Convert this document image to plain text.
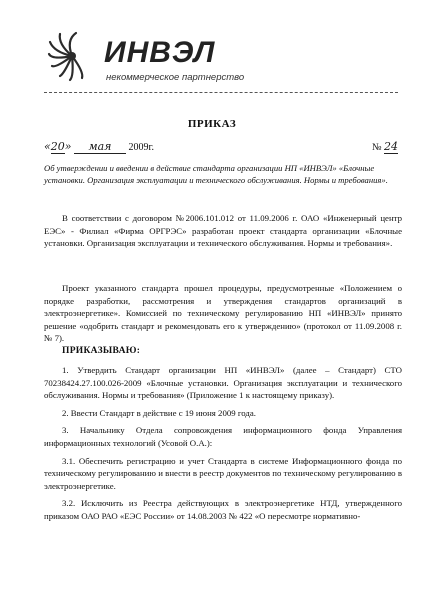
ИНВЭЛ
некоммерческое партнерство
ПРИКАЗ
«20» мая 2009г.	№ 24
Об утверждении и введении в действие стандарта организации НП «ИНВЭЛ» «Блочные установки. Организация эксплуатации и технического обслуживания. Нормы и требования».

В соответствии с договором №2006.101.012 от 11.09.2006 г. ОАО «Инженерный центр ЕЭС» - Филиал «Фирма ОРГРЭС» разработан проект стандарта организации «Блочные установки. Организация эксплуатации и технического обслуживания. Нормы и требования».

Проект указанного стандарта прошел процедуры, предусмотренные «Положением о порядке разработки, рассмотрения и утверждения стандартов организаций в электроэнергетике». Комиссией по техническому регулированию НП «ИНВЭЛ» принято решение «одобрить стандарт и рекомендовать его к утверждению» (протокол от 11.09.2008 г. № 7).

ПРИКАЗЫВАЮ:

1. Утвердить Стандарт организации НП «ИНВЭЛ» (далее – Стандарт) СТО 70238424.27.100.026-2009 «Блочные установки. Организация эксплуатации и технического обслуживания. Нормы и требования» (Приложение 1 к настоящему приказу).

2. Ввести Стандарт в действие с 19 июня 2009 года.

3. Начальнику Отдела сопровождения информационного фонда Управления информационных технологий (Усовой О.А.):

3.1. Обеспечить регистрацию и учет Стандарта в системе Информационного фонда по техническому регулированию и внести в реестр документов по техническому регулированию в электроэнергетике.

3.2. Исключить из Реестра действующих в электроэнергетике НТД, утвержденного приказом ОАО РАО «ЕЭС России» от 14.08.2003 № 422 «О пересмотре нормативно-
